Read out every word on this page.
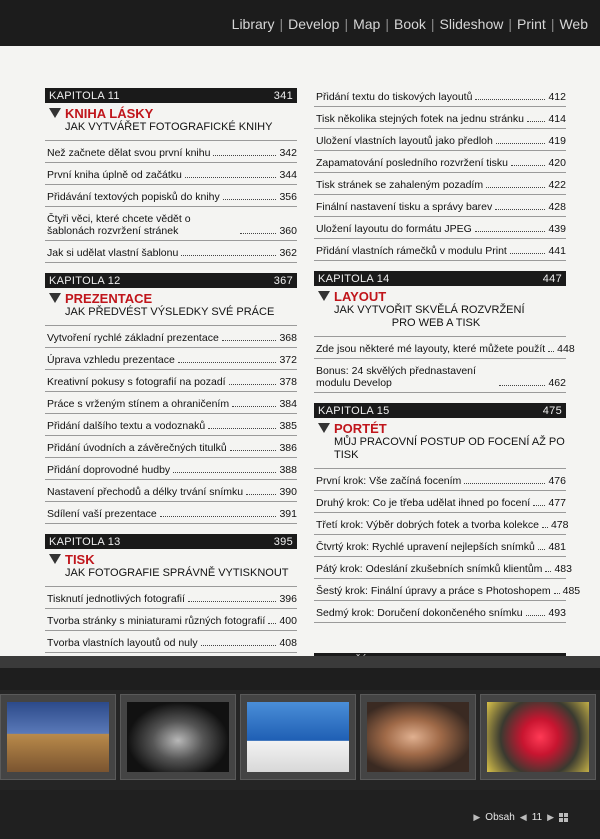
Library | Develop | Map | Book | Slideshow | Print | Web
KAPITOLA 11	341
KNIHA LÁSKY
JAK VYTVÁŘET FOTOGRAFICKÉ KNIHY
Než začnete dělat svou první knihu	342
První kniha úplně od začátku	344
Přidávání textových popisků do knihy	356
Čtyři věci, které chcete vědět o šablonách rozvržení stránek	360
Jak si udělat vlastní šablonu	362
KAPITOLA 12	367
PREZENTACE
JAK PŘEDVÉST VÝSLEDKY SVÉ PRÁCE
Vytvoření rychlé základní prezentace	368
Úprava vzhledu prezentace	372
Kreativní pokusy s fotografií na pozadí	378
Práce s vrženým stínem a ohraničením	384
Přidání dalšího textu a vodoznaků	385
Přidání úvodních a závěrečných titulků	386
Přidání doprovodné hudby	388
Nastavení přechodů a délky trvání snímku	390
Sdílení vaší prezentace	391
KAPITOLA 13	395
TISK
JAK FOTOGRAFIE SPRÁVNĚ VYTISKNOUT
Tisknutí jednotlivých fotografií	396
Tvorba stránky s miniaturami různých fotografií 400
Tvorba vlastních layoutů od nuly	408
Přidání textu do tiskových layoutů	412
Tisk několika stejných fotek na jednu stránku 414
Uložení vlastních layoutů jako předloh	419
Zapamatování posledního rozvržení tisku	420
Tisk stránek se zahaleným pozadím	422
Finální nastavení tisku a správy barev	428
Uložení layoutu do formátu JPEG	439
Přidání vlastních rámečků v modulu Print	441
KAPITOLA 14	447
LAYOUT
JAK VYTVOŘIT SKVĚLÁ ROZVRŽENÍ
PRO WEB A TISK
Zde jsou některé mé layouty, které můžete použít 448
Bonus: 24 skvělých přednastavení modulu Develop	462
KAPITOLA 15	475
PORTÉT
MŮJ PRACOVNÍ POSTUP OD FOCENÍ AŽ PO TISK
První krok: Vše začíná focením	476
Druhý krok: Co je třeba udělat ihned po focení 477
Třetí krok: Výběr dobrých fotek a tvorba kolekce 478
Čtvrtý krok: Rychlé upravení nejlepších snímků 481
Pátý krok: Odeslání zkušebních snímků klientům 483
Šestý krok: Finální úpravy a práce s Photoshopem 485
Sedmý krok: Doručení dokončeného snímku 493
▶ Obsah ◀ 11 ▶
